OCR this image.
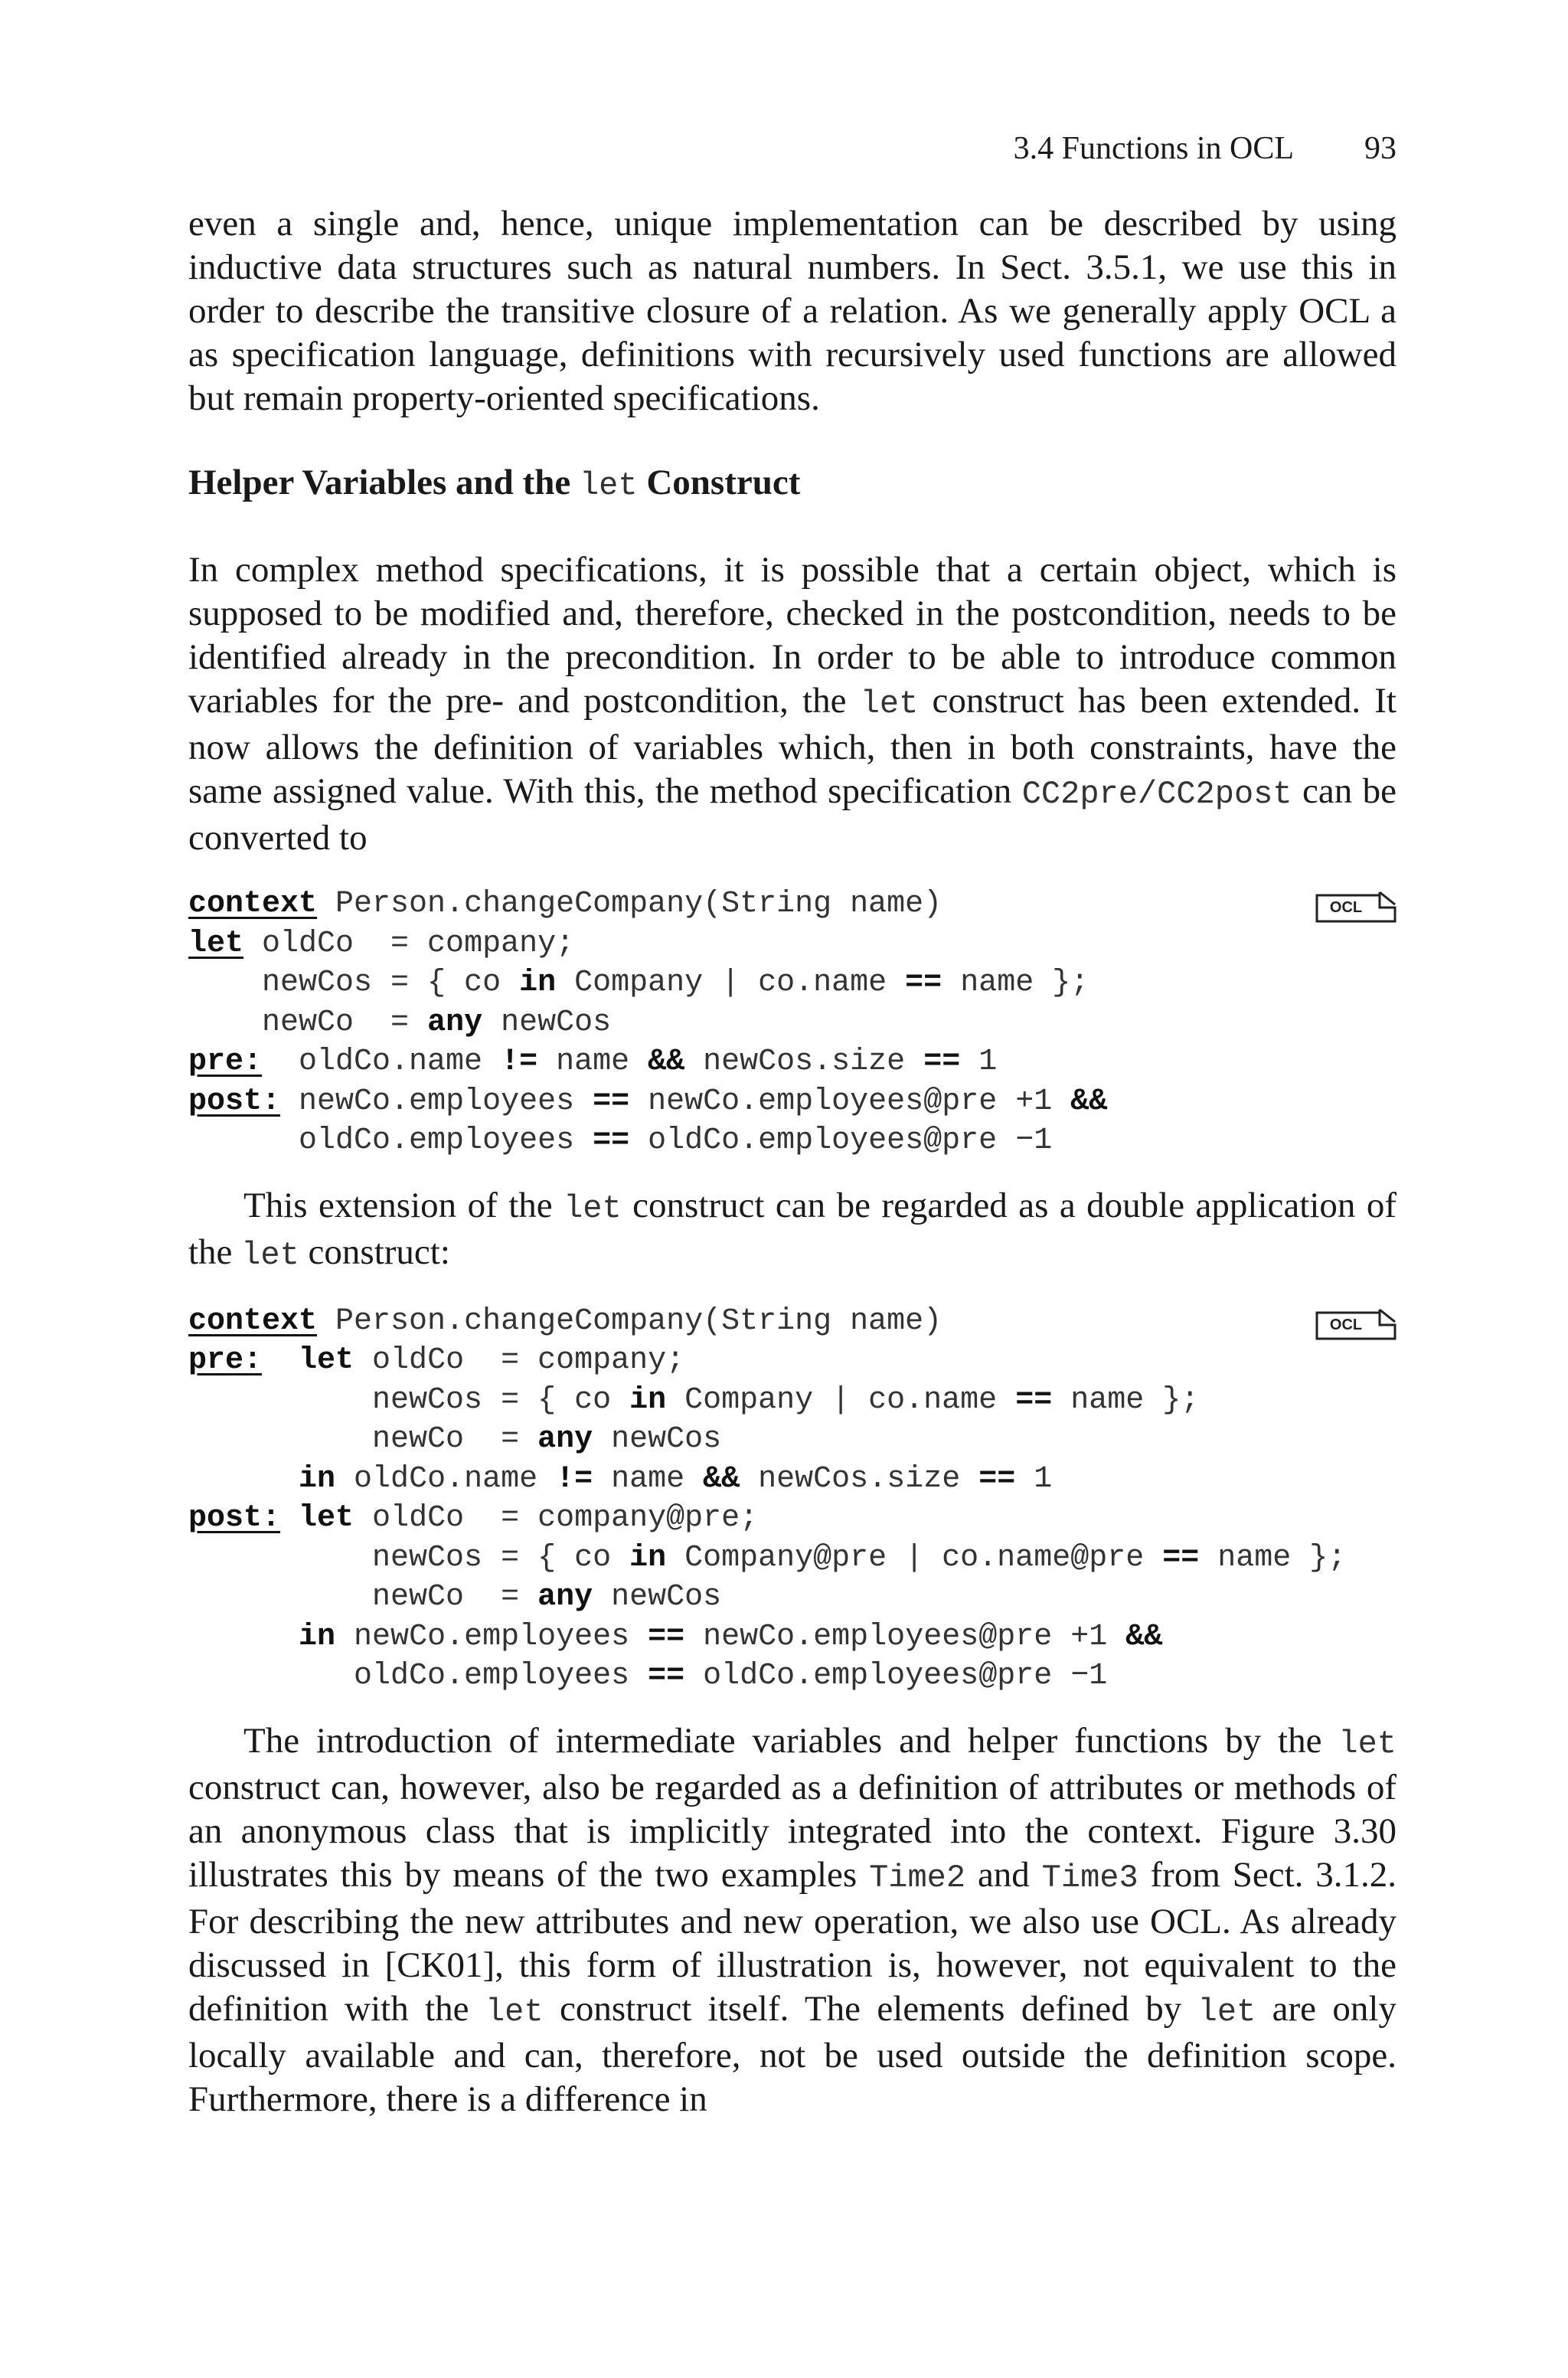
3.4 Functions in OCL 93

even a single and, hence, unique implementation can be described by using inductive data structures such as natural numbers. In Sect. 3.5.1, we use this in order to describe the transitive closure of a relation. As we generally apply OCL a as specification language, definitions with recursively used functions are allowed but remain property-oriented specifications.

Helper Variables and the let Construct

In complex method specifications, it is possible that a certain object, which is supposed to be modified and, therefore, checked in the postcondition, needs to be identified already in the precondition. In order to be able to introduce common variables for the pre- and postcondition, the let construct has been extended. It now allows the definition of variables which, then in both constraints, have the same assigned value. With this, the method specification CC2pre/CC2post can be converted to

OCL
context Person.changeCompany(String name)
let oldCo  = company;
newCos = { co in Company | co.name == name };
newCo  = any newCos
pre:  oldCo.name != name && newCos.size == 1
post: newCo.employees == newCo.employees@pre +1 &&
oldCo.employees == oldCo.employees@pre −1

This extension of the let construct can be regarded as a double application of the let construct:

OCL
context Person.changeCompany(String name)
pre: let oldCo  = company;
newCos = { co in Company | co.name == name };
newCo  = any newCos
in oldCo.name != name && newCos.size == 1
post: let oldCo  = company@pre;
newCos = { co in Company@pre | co.name@pre == name };
newCo  = any newCos
in newCo.employees == newCo.employees@pre +1 &&
oldCo.employees == oldCo.employees@pre −1

The introduction of intermediate variables and helper functions by the let construct can, however, also be regarded as a definition of attributes or methods of an anonymous class that is implicitly integrated into the context. Figure 3.30 illustrates this by means of the two examples Time2 and Time3 from Sect. 3.1.2. For describing the new attributes and new operation, we also use OCL. As already discussed in [CK01], this form of illustration is, however, not equivalent to the definition with the let construct itself. The elements defined by let are only locally available and can, therefore, not be used outside the definition scope. Furthermore, there is a difference in
